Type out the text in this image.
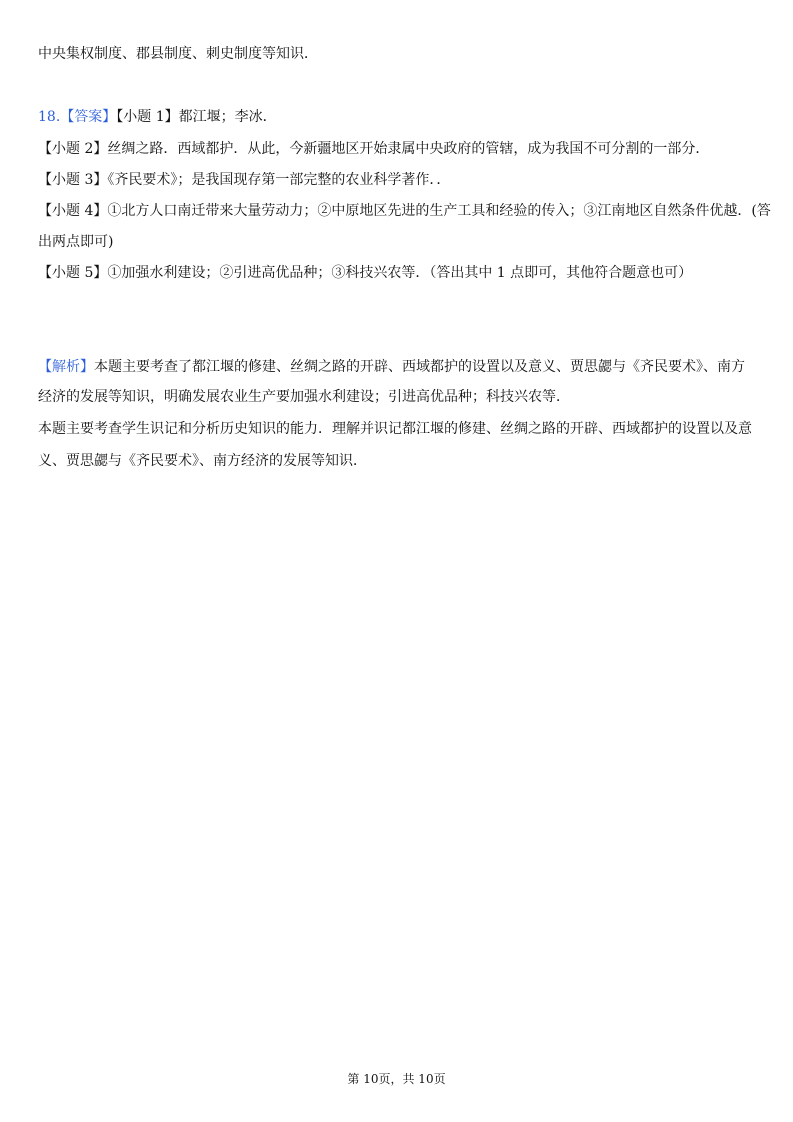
中央集权制度、郡县制度、刺史制度等知识．
18.【答案】【小题 1】都江堰；李冰．
【小题 2】丝绸之路．西域都护．从此，今新疆地区开始隶属中央政府的管辖，成为我国不可分割的一部分．
【小题 3】《齐民要术》；是我国现存第一部完整的农业科学著作．．
【小题 4】①北方人口南迁带来大量劳动力；②中原地区先进的生产工具和经验的传入；③江南地区自然条件优越．(答
出两点即可)
【小题 5】①加强水利建设；②引进高优品种；③科技兴农等．（答出其中 1 点即可，其他符合题意也可）
【解析】本题主要考查了都江堰的修建、丝绸之路的开辟、西域都护的设置以及意义、贾思勰与《齐民要术》、南方
经济的发展等知识，明确发展农业生产要加强水利建设；引进高优品种；科技兴农等．
本题主要考查学生识记和分析历史知识的能力．理解并识记都江堰的修建、丝绸之路的开辟、西域都护的设置以及意
义、贾思勰与《齐民要术》、南方经济的发展等知识．
第 10页，共 10页
